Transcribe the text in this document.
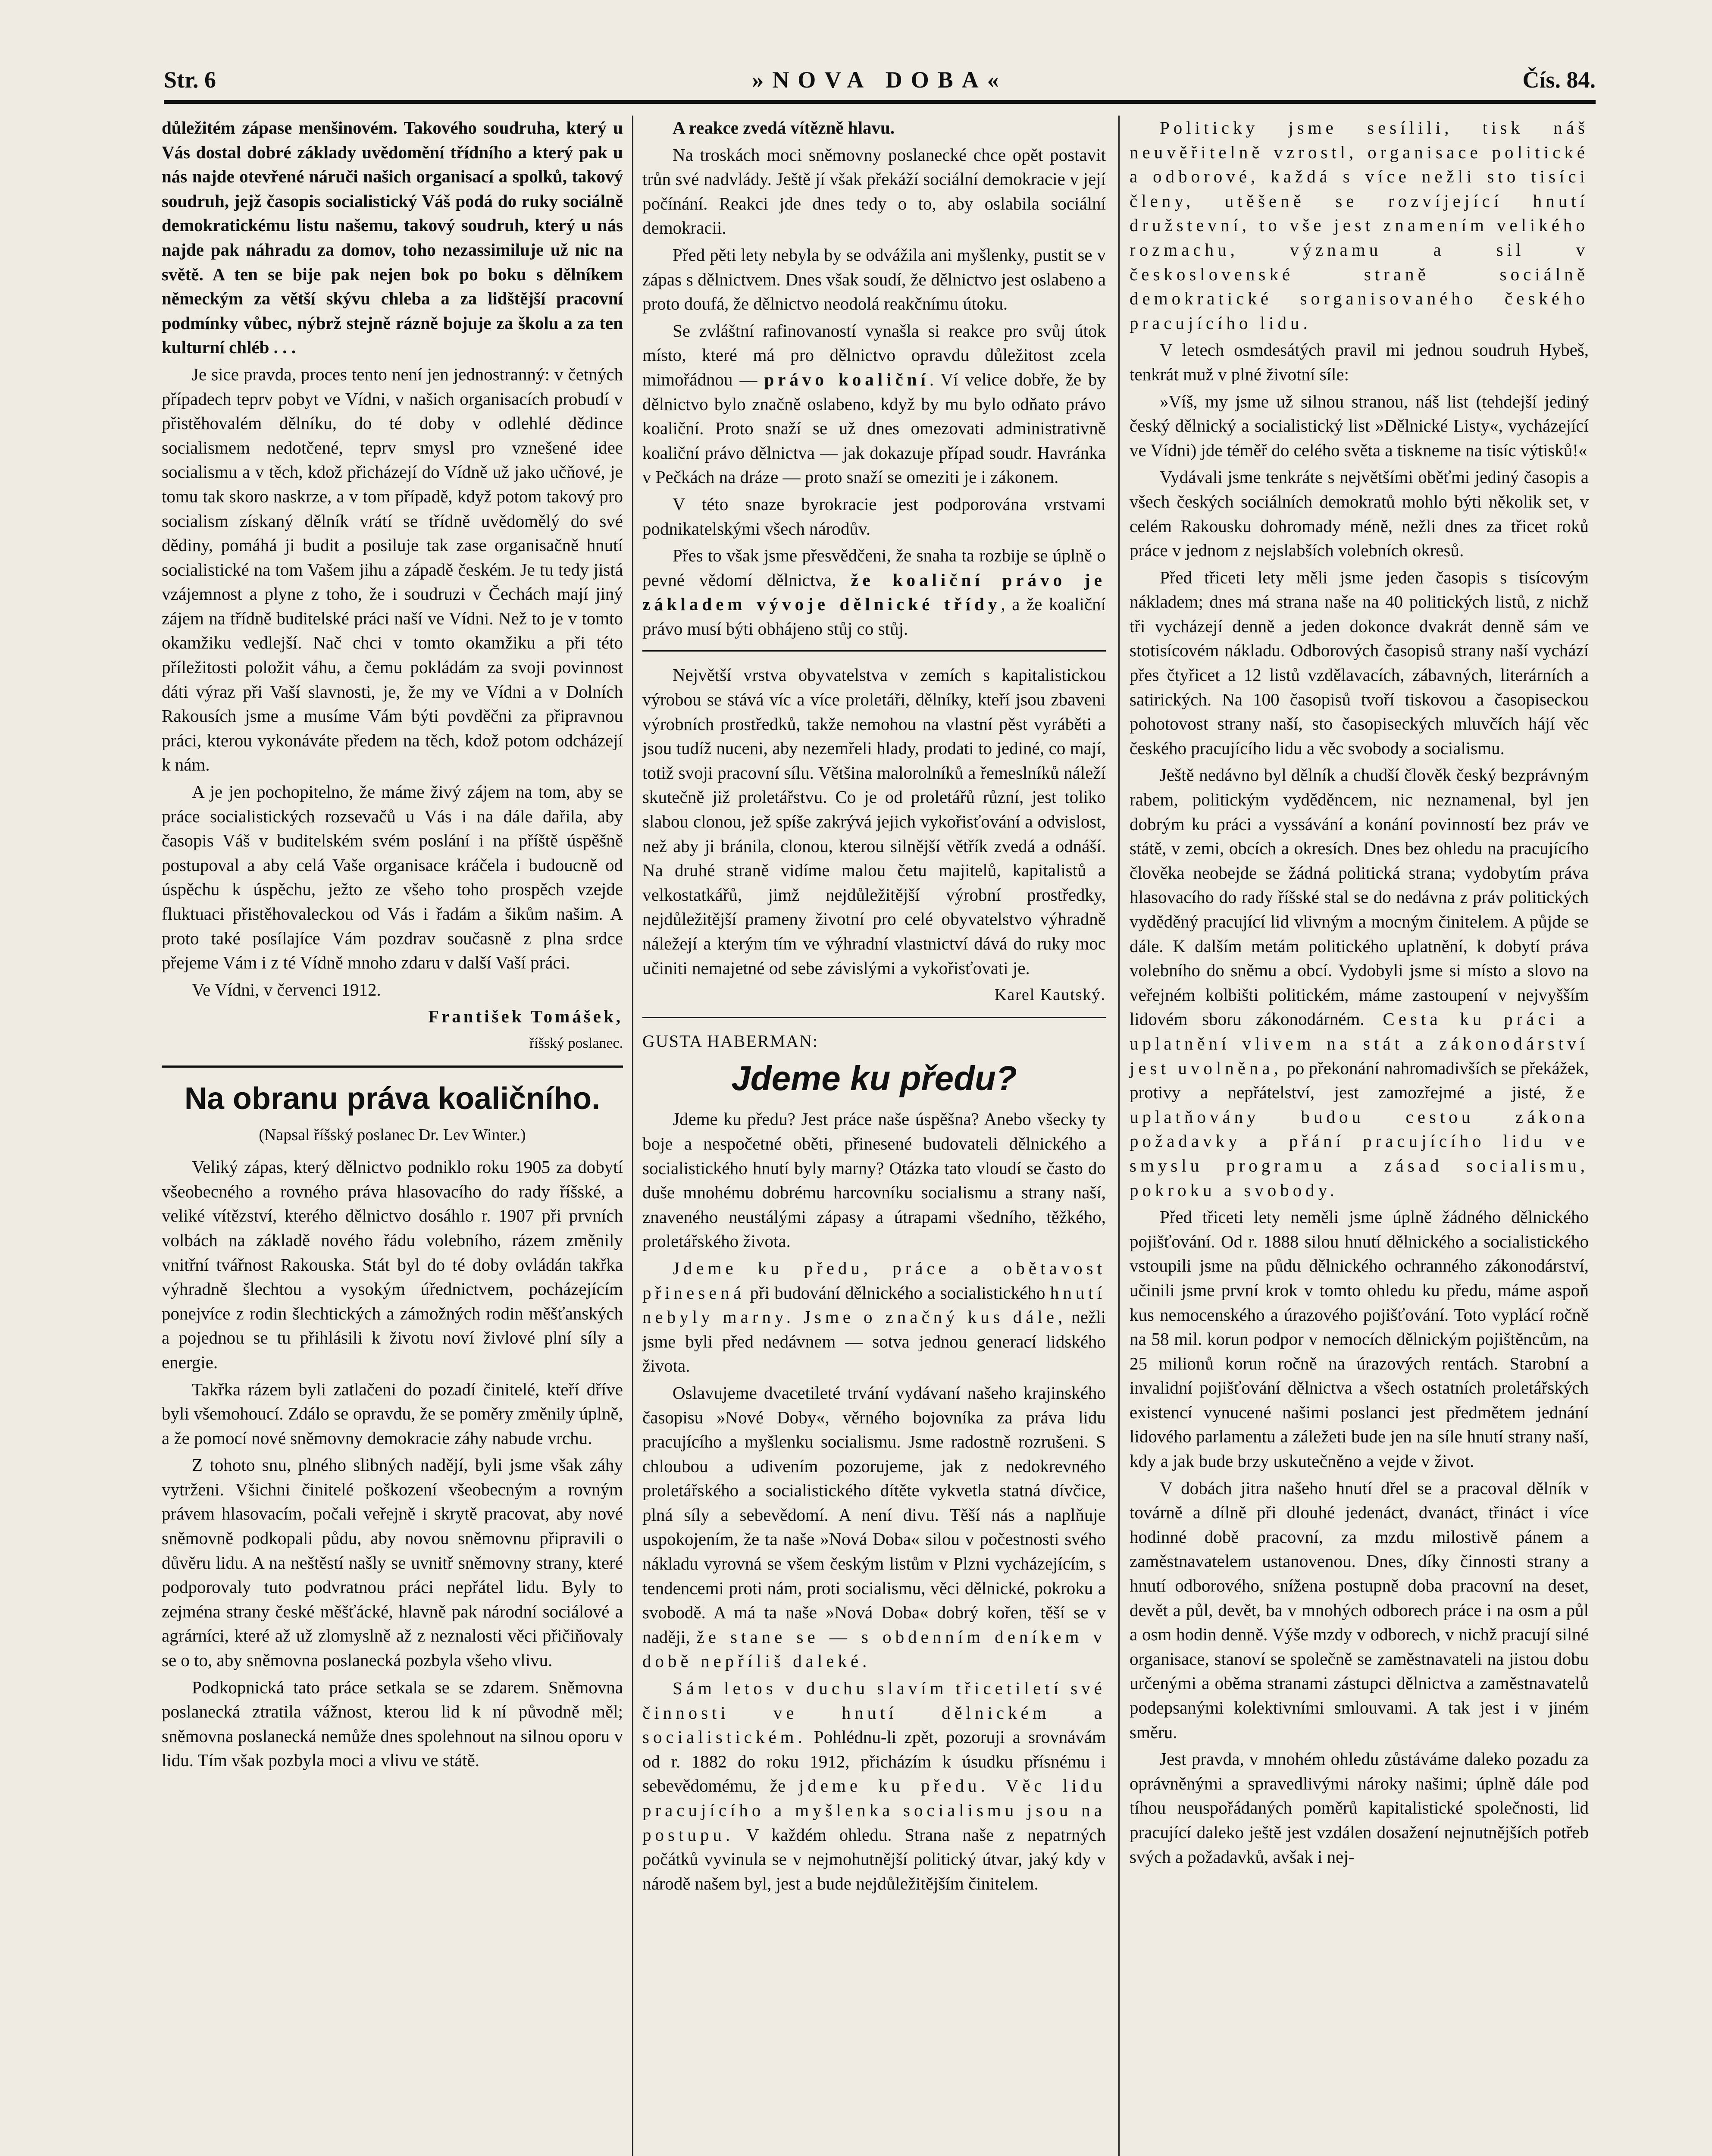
Str. 6	»NOVA DOBA«	Čís. 84.

důležitém zápase menšinovém. Takového soudruha, který u Vás dostal dobré základy uvědomění třídního a který pak u nás najde otevřené náruči našich organisací a spolků, takový soudruh, jejž časopis socialistický Váš podá do ruky sociálně demokratickému listu našemu, takový soudruh, který u nás najde pak náhradu za domov, toho nezassimiluje už nic na světě. A ten se bije pak nejen bok po boku s dělníkem německým za větší skývu chleba a za lidštější pracovní podmínky vůbec, nýbrž stejně rázně bojuje za školu a za ten kulturní chléb . . .

Je sice pravda, proces tento není jen jednostranný: v četných případech teprv pobyt ve Vídni, v našich organisacích probudí v přistěhovalém dělníku, do té doby v odlehlé dědince socialismem nedotčené, teprv smysl pro vznešené idee socialismu a v těch, kdož přicházejí do Vídně už jako učňové, je tomu tak skoro naskrze, a v tom případě, když potom takový pro socialism získaný dělník vrátí se třídně uvědomělý do své dědiny, pomáhá ji budit a posiluje tak zase organisačně hnutí socialistické na tom Vašem jihu a západě českém. Je tu tedy jistá vzájemnost a plyne z toho, že i soudruzi v Čechách mají jiný zájem na třídně buditelské práci naší ve Vídni. Než to je v tomto okamžiku vedlejší. Nač chci v tomto okamžiku a při této příležitosti položit váhu, a čemu pokládám za svoji povinnost dáti výraz při Vaší slavnosti, je, že my ve Vídni a v Dolních Rakousích jsme a musíme Vám býti povděčni za připravnou práci, kterou vykonáváte předem na těch, kdož potom odcházejí k nám.

A je jen pochopitelno, že máme živý zájem na tom, aby se práce socialistických rozsevačů u Vás i na dále dařila, aby časopis Váš v buditelském svém poslání i na příště úspěšně postupoval a aby celá Vaše organisace kráčela i budoucně od úspěchu k úspěchu, ježto ze všeho toho prospěch vzejde fluktuaci přistěhovaleckou od Vás i řadám a šikům našim. A proto také posílajíce Vám pozdrav současně z plna srdce přejeme Vám i z té Vídně mnoho zdaru v další Vaší práci.

Ve Vídni, v červenci 1912.

František Tomášek,

říšský poslanec.

Na obranu práva koaličního.
(Napsal říšský poslanec Dr. Lev Winter.)

Veliký zápas, který dělnictvo podniklo roku 1905 za dobytí všeobecného a rovného práva hlasovacího do rady říšské, a veliké vítězství, kterého dělnictvo dosáhlo r. 1907 při prvních volbách na základě nového řádu volebního, rázem změnily vnitřní tvářnost Rakouska. Stát byl do té doby ovládán takřka výhradně šlechtou a vysokým úřednictvem, pocházejícím ponejvíce z rodin šlechtických a zámožných rodin měšťanských a pojednou se tu přihlásili k životu noví živlové plní síly a energie.

Takřka rázem byli zatlačeni do pozadí činitelé, kteří dříve byli všemohoucí. Zdálo se opravdu, že se poměry změnily úplně, a že pomocí nové sněmovny demokracie záhy nabude vrchu.

Z tohoto snu, plného slibných nadějí, byli jsme však záhy vytrženi. Všichni činitelé poškození všeobecným a rovným právem hlasovacím, počali veřejně i skrytě pracovat, aby nové sněmovně podkopali půdu, aby novou sněmovnu připravili o důvěru lidu. A na neštěstí našly se uvnitř sněmovny strany, které podporovaly tuto podvratnou práci nepřátel lidu. Byly to zejména strany české měšťácké, hlavně pak národní sociálové a agrárníci, které až už zlomyslně až z neznalosti věci přičiňovaly se o to, aby sněmovna poslanecká pozbyla všeho vlivu.

Podkopnická tato práce setkala se se zdarem. Sněmovna poslanecká ztratila vážnost, kterou lid k ní původně měl; sněmovna poslanecká nemůže dnes spolehnout na silnou oporu v lidu. Tím však pozbyla moci a vlivu ve státě.

A reakce zvedá vítězně hlavu.

Na troskách moci sněmovny poslanecké chce opět postavit trůn své nadvlády. Ještě jí však překáží sociální demokracie v její počínání. Reakci jde dnes tedy o to, aby oslabila sociální demokracii.

Před pěti lety nebyla by se odvážila ani myšlenky, pustit se v zápas s dělnictvem. Dnes však soudí, že dělnictvo jest oslabeno a proto doufá, že dělnictvo neodolá reakčnímu útoku.

Se zvláštní rafinovaností vynašla si reakce pro svůj útok místo, které má pro dělnictvo opravdu důležitost zcela mimořádnou — právo koaliční. Ví velice dobře, že by dělnictvo bylo značně oslabeno, když by mu bylo odňato právo koaliční. Proto snaží se už dnes omezovati administrativně koaliční právo dělnictva — jak dokazuje případ soudr. Havránka v Pečkách na dráze — proto snaží se omeziti je i zákonem.

V této snaze byrokracie jest podporována vrstvami podnikatelskými všech národův.

Přes to však jsme přesvědčeni, že snaha ta rozbije se úplně o pevné vědomí dělnictva, že koaliční právo je základem vývoje dělnické třídy, a že koaliční právo musí býti obhájeno stůj co stůj.

Největší vrstva obyvatelstva v zemích s kapitalistickou výrobou se stává víc a více proletáři, dělníky, kteří jsou zbaveni výrobních prostředků, takže nemohou na vlastní pěst vyráběti a jsou tudíž nuceni, aby nezemřeli hlady, prodati to jediné, co mají, totiž svoji pracovní sílu. Většina malorolníků a řemeslníků náleží skutečně již proletářstvu. Co je od proletářů různí, jest toliko slabou clonou, jež spíše zakrývá jejich vykořisťování a odvislost, než aby ji bránila, clonou, kterou silnější větřík zvedá a odnáší. Na druhé straně vidíme malou četu majitelů, kapitalistů a velkostatkářů, jimž nejdůležitější výrobní prostředky, nejdůležitější prameny životní pro celé obyvatelstvo výhradně náležejí a kterým tím ve výhradní vlastnictví dává do ruky moc učiniti nemajetné od sebe závislými a vykořisťovati je.

Karel Kautský.

GUSTA HABERMAN:
Jdeme ku předu?

Jdeme ku předu? Jest práce naše úspěšna? Anebo všecky ty boje a nespočetné oběti, přinesené budovateli dělnického a socialistického hnutí byly marny? Otázka tato vloudí se často do duše mnohému dobrému harcovníku socialismu a strany naší, znaveného neustálými zápasy a útrapami všedního, těžkého, proletářského života.

Jdeme ku předu, práce a obětavost přinesená při budování dělnického a socialistického hnutí nebyly marny. Jsme o značný kus dále, nežli jsme byli před nedávnem — sotva jednou generací lidského života.

Oslavujeme dvacetileté trvání vydávaní našeho krajinského časopisu »Nové Doby«, věrného bojovníka za práva lidu pracujícího a myšlenku socialismu. Jsme radostně rozrušeni. S chloubou a udivením pozorujeme, jak z nedokrevného proletářského a socialistického dítěte vykvetla statná dívčice, plná síly a sebevědomí. A není divu. Těší nás a naplňuje uspokojením, že ta naše »Nová Doba« silou v počestnosti svého nákladu vyrovná se všem českým listům v Plzni vycházejícím, s tendencemi proti nám, proti socialismu, věci dělnické, pokroku a svobodě. A má ta naše »Nová Doba« dobrý kořen, těší se v naději, že stane se — s obdenním deníkem v době nepříliš daleké.

Sám letos v duchu slavím třicetiletí své činnosti ve hnutí dělnickém a socialistickém. Pohlédnu-li zpět, pozoruji a srovnávám od r. 1882 do roku 1912, přicházím k úsudku přísnému i sebevědomému, že jdeme ku předu. Věc lidu pracujícího a myšlenka socialismu jsou na postupu. V každém ohledu. Strana naše z nepatrných počátků vyvinula se v nejmohutnější politický útvar, jaký kdy v národě našem byl, jest a bude nejdůležitějším činitelem.

Politicky jsme sesílili, tisk náš neuvěřitelně vzrostl, organisace politické a odborové, každá s více nežli sto tisíci členy, utěšeně se rozvíjející hnutí družstevní, to vše jest znamením velikého rozmachu, významu a sil v československé straně sociálně demokratické sorganisovaného českého pracujícího lidu.

V letech osmdesátých pravil mi jednou soudruh Hybeš, tenkrát muž v plné životní síle:

»Víš, my jsme už silnou stranou, náš list (tehdejší jediný český dělnický a socialistický list »Dělnické Listy«, vycházející ve Vídni) jde téměř do celého světa a tiskneme na tisíc výtisků!«

Vydávali jsme tenkráte s největšími oběťmi jediný časopis a všech českých sociálních demokratů mohlo býti několik set, v celém Rakousku dohromady méně, nežli dnes za třicet roků práce v jednom z nejslabších volebních okresů.

Před třiceti lety měli jsme jeden časopis s tisícovým nákladem; dnes má strana naše na 40 politických listů, z nichž tři vycházejí denně a jeden dokonce dvakrát denně sám ve stotisícovém nákladu. Odborových časopisů strany naší vychází přes čtyřicet a 12 listů vzdělavacích, zábavných, literárních a satirických. Na 100 časopisů tvoří tiskovou a časopiseckou pohotovost strany naší, sto časopiseckých mluvčích hájí věc českého pracujícího lidu a věc svobody a socialismu.

Ještě nedávno byl dělník a chudší člověk český bezprávným rabem, politickým vyděděncem, nic neznamenal, byl jen dobrým ku práci a vyssávání a konání povinností bez práv ve státě, v zemi, obcích a okresích. Dnes bez ohledu na pracujícího člověka neobejde se žádná politická strana; vydobytím práva hlasovacího do rady říšské stal se do nedávna z práv politických vyděděný pracující lid vlivným a mocným činitelem. A půjde se dále. K dalším metám politického uplatnění, k dobytí práva volebního do sněmu a obcí. Vydobyli jsme si místo a slovo na veřejném kolbišti politickém, máme zastoupení v nejvyšším lidovém sboru zákonodárném. Cesta ku práci a uplatnění vlivem na stát a zákonodárství jest uvolněna, po překonání nahromadivších se překážek, protivy a nepřátelství, jest zamozřejmé a jisté, že uplatňovány budou cestou zákona požadavky a přání pracujícího lidu ve smyslu programu a zásad socialismu, pokroku a svobody.

Před třiceti lety neměli jsme úplně žádného dělnického pojišťování. Od r. 1888 silou hnutí dělnického a socialistického vstoupili jsme na půdu dělnického ochranného zákonodárství, učinili jsme první krok v tomto ohledu ku předu, máme aspoň kus nemocenského a úrazového pojišťování. Toto vyplácí ročně na 58 mil. korun podpor v nemocích dělnickým pojištěncům, na 25 milionů korun ročně na úrazových rentách. Starobní a invalidní pojišťování dělnictva a všech ostatních proletářských existencí vynucené našimi poslanci jest předmětem jednání lidového parlamentu a záležeti bude jen na síle hnutí strany naší, kdy a jak bude brzy uskutečněno a vejde v život.

V dobách jitra našeho hnutí dřel se a pracoval dělník v továrně a dílně při dlouhé jedenáct, dvanáct, třináct i více hodinné době pracovní, za mzdu milostivě pánem a zaměstnavatelem ustanovenou. Dnes, díky činnosti strany a hnutí odborového, snížena postupně doba pracovní na deset, devět a půl, devět, ba v mnohých odborech práce i na osm a půl a osm hodin denně. Výše mzdy v odborech, v nichž pracují silné organisace, stanoví se společně se zaměstnavateli na jistou dobu určenými a oběma stranami zástupci dělnictva a zaměstnavatelů podepsanými kolektivními smlouvami. A tak jest i v jiném směru.

Jest pravda, v mnohém ohledu zůstáváme daleko pozadu za oprávněnými a spravedlivými nároky našimi; úplně dále pod tíhou neuspořádaných poměrů kapitalistické společnosti, lid pracující daleko ještě jest vzdálen dosažení nejnutnějších potřeb svých a požadavků, avšak i nej-
